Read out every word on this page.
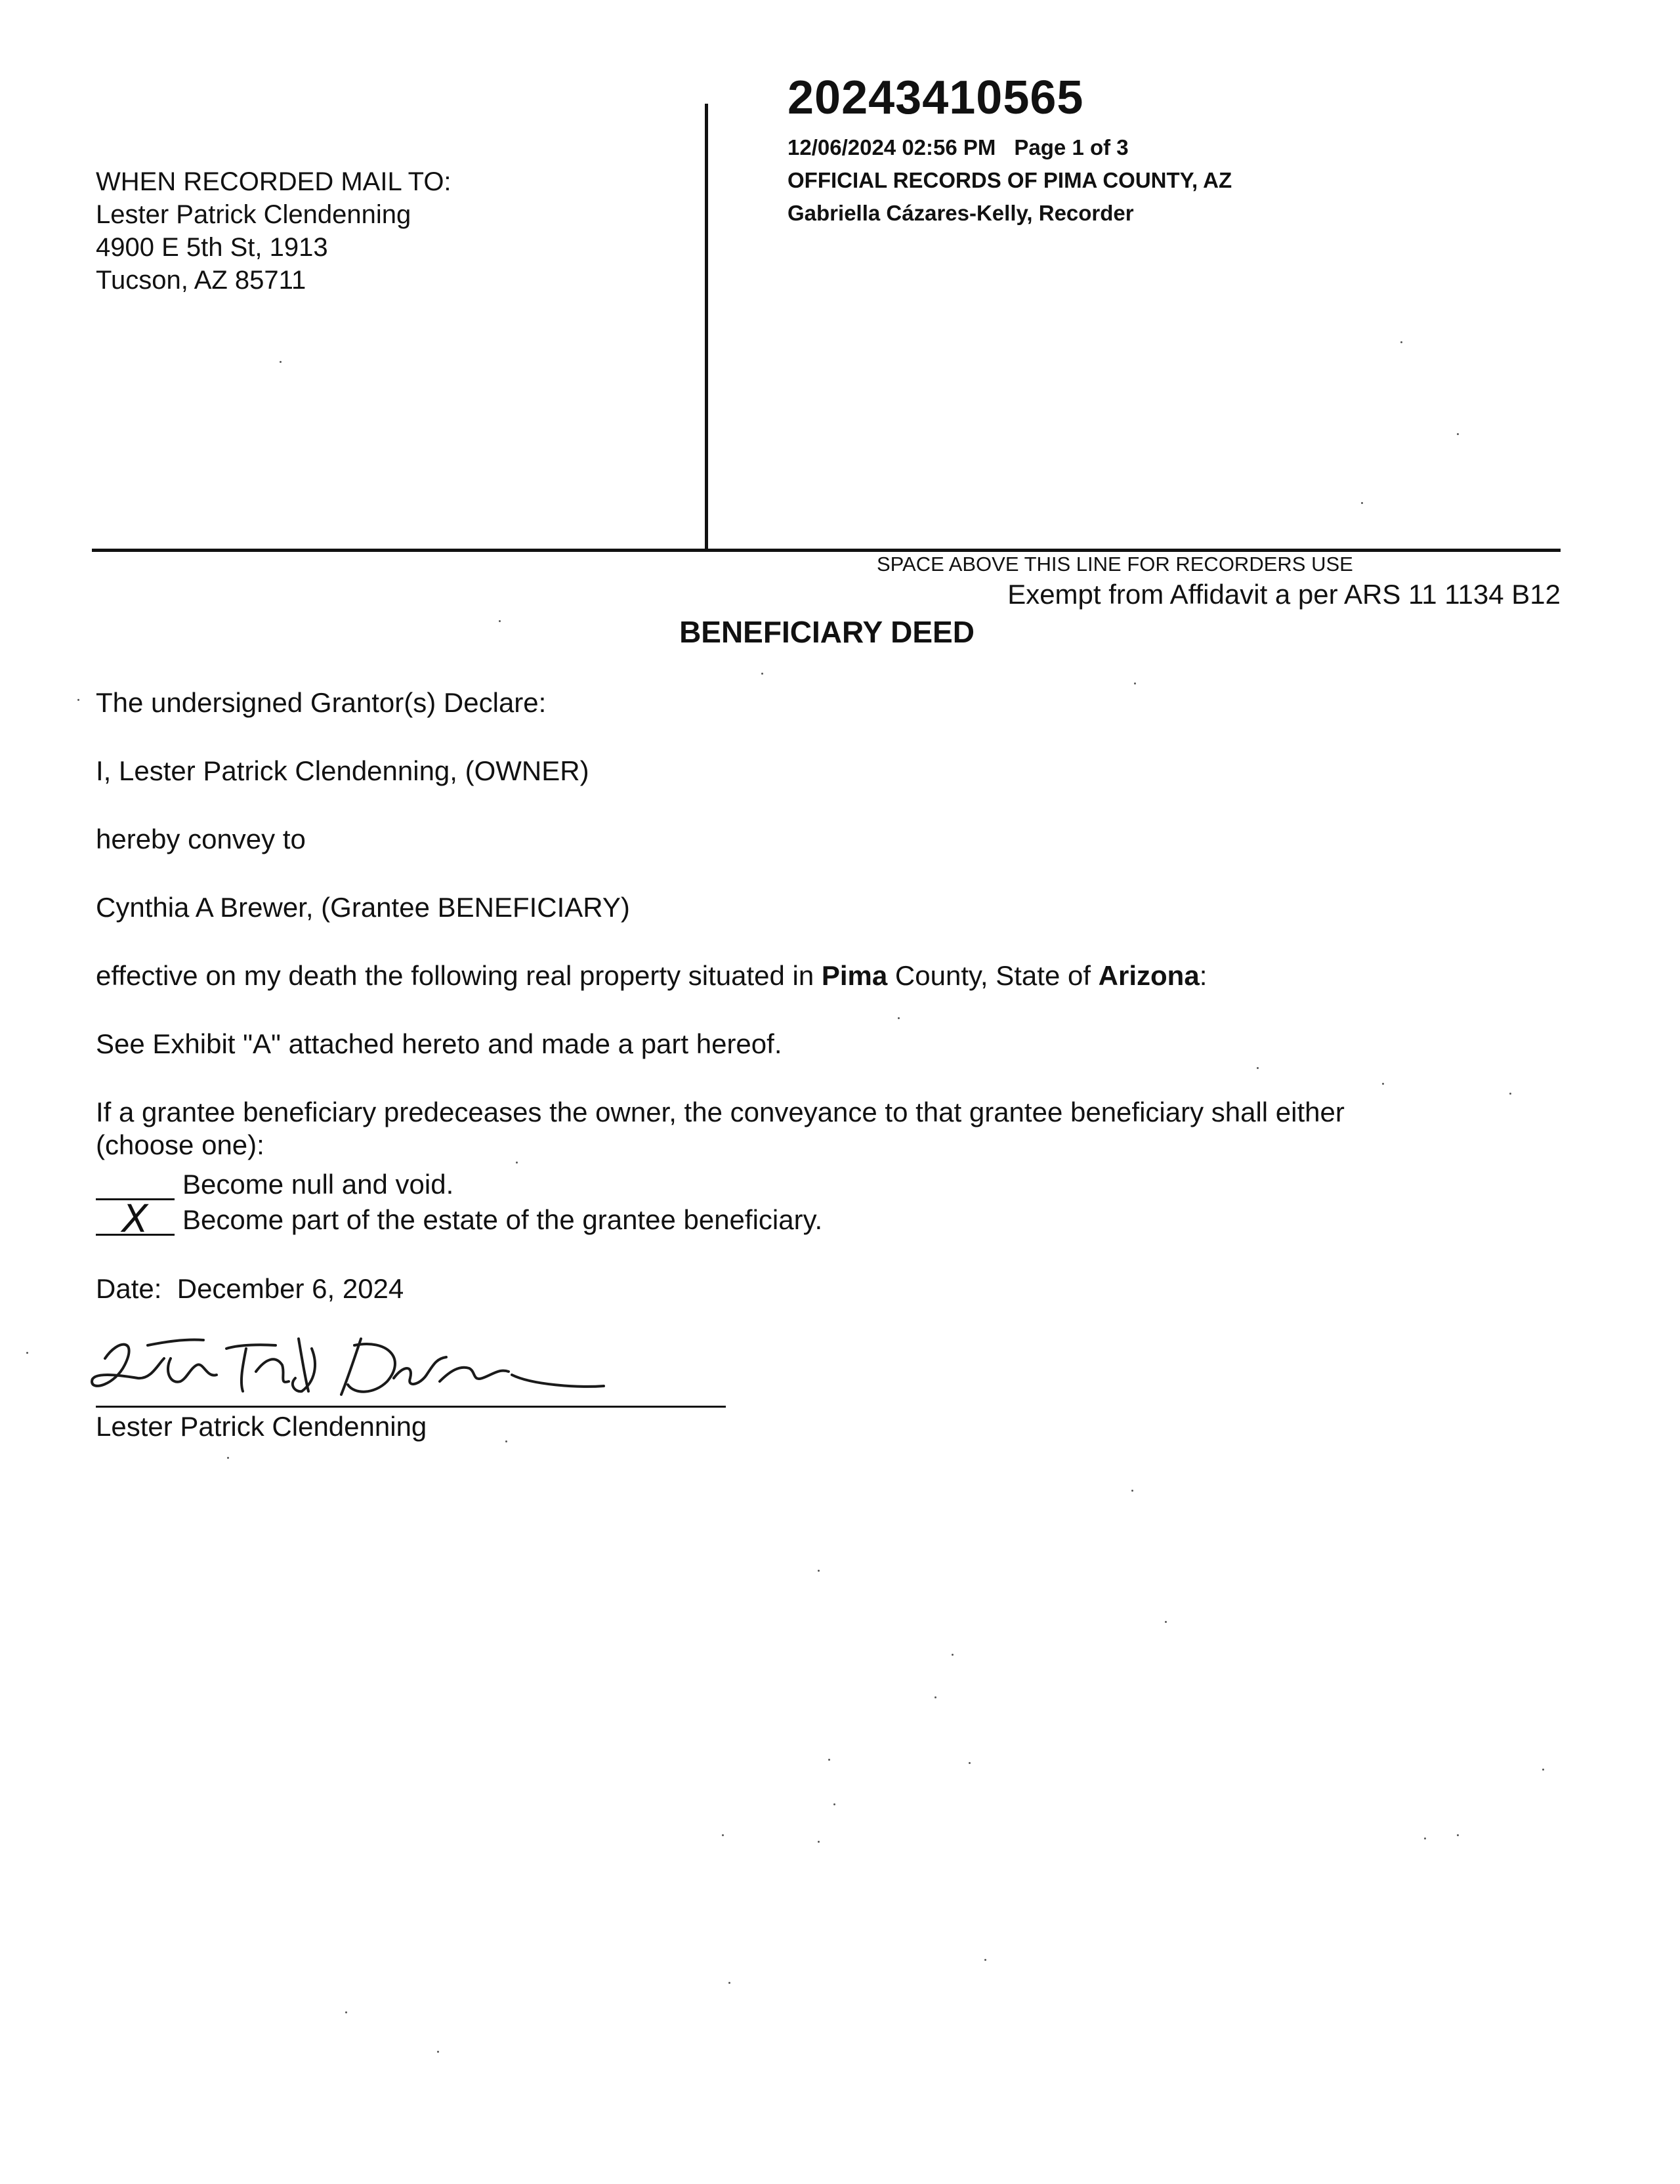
WHEN RECORDED MAIL TO:
Lester Patrick Clendenning
4900 E 5th St, 1913
Tucson, AZ 85711
20243410565
12/06/2024 02:56 PM Page 1 of 3
OFFICIAL RECORDS OF PIMA COUNTY, AZ
Gabriella Cázares-Kelly, Recorder
SPACE ABOVE THIS LINE FOR RECORDERS USE
Exempt from Affidavit a per ARS 11 1134 B12
BENEFICIARY DEED
The undersigned Grantor(s) Declare:
I, Lester Patrick Clendenning, (OWNER)
hereby convey to
Cynthia A Brewer, (Grantee BENEFICIARY)
effective on my death the following real property situated in Pima County, State of Arizona:
See Exhibit "A" attached hereto and made a part hereof.
If a grantee beneficiary predeceases the owner, the conveyance to that grantee beneficiary shall either
(choose one):
Become null and void.
X Become part of the estate of the grantee beneficiary.
Date: December 6, 2024
Lester Patrick Clendenning
